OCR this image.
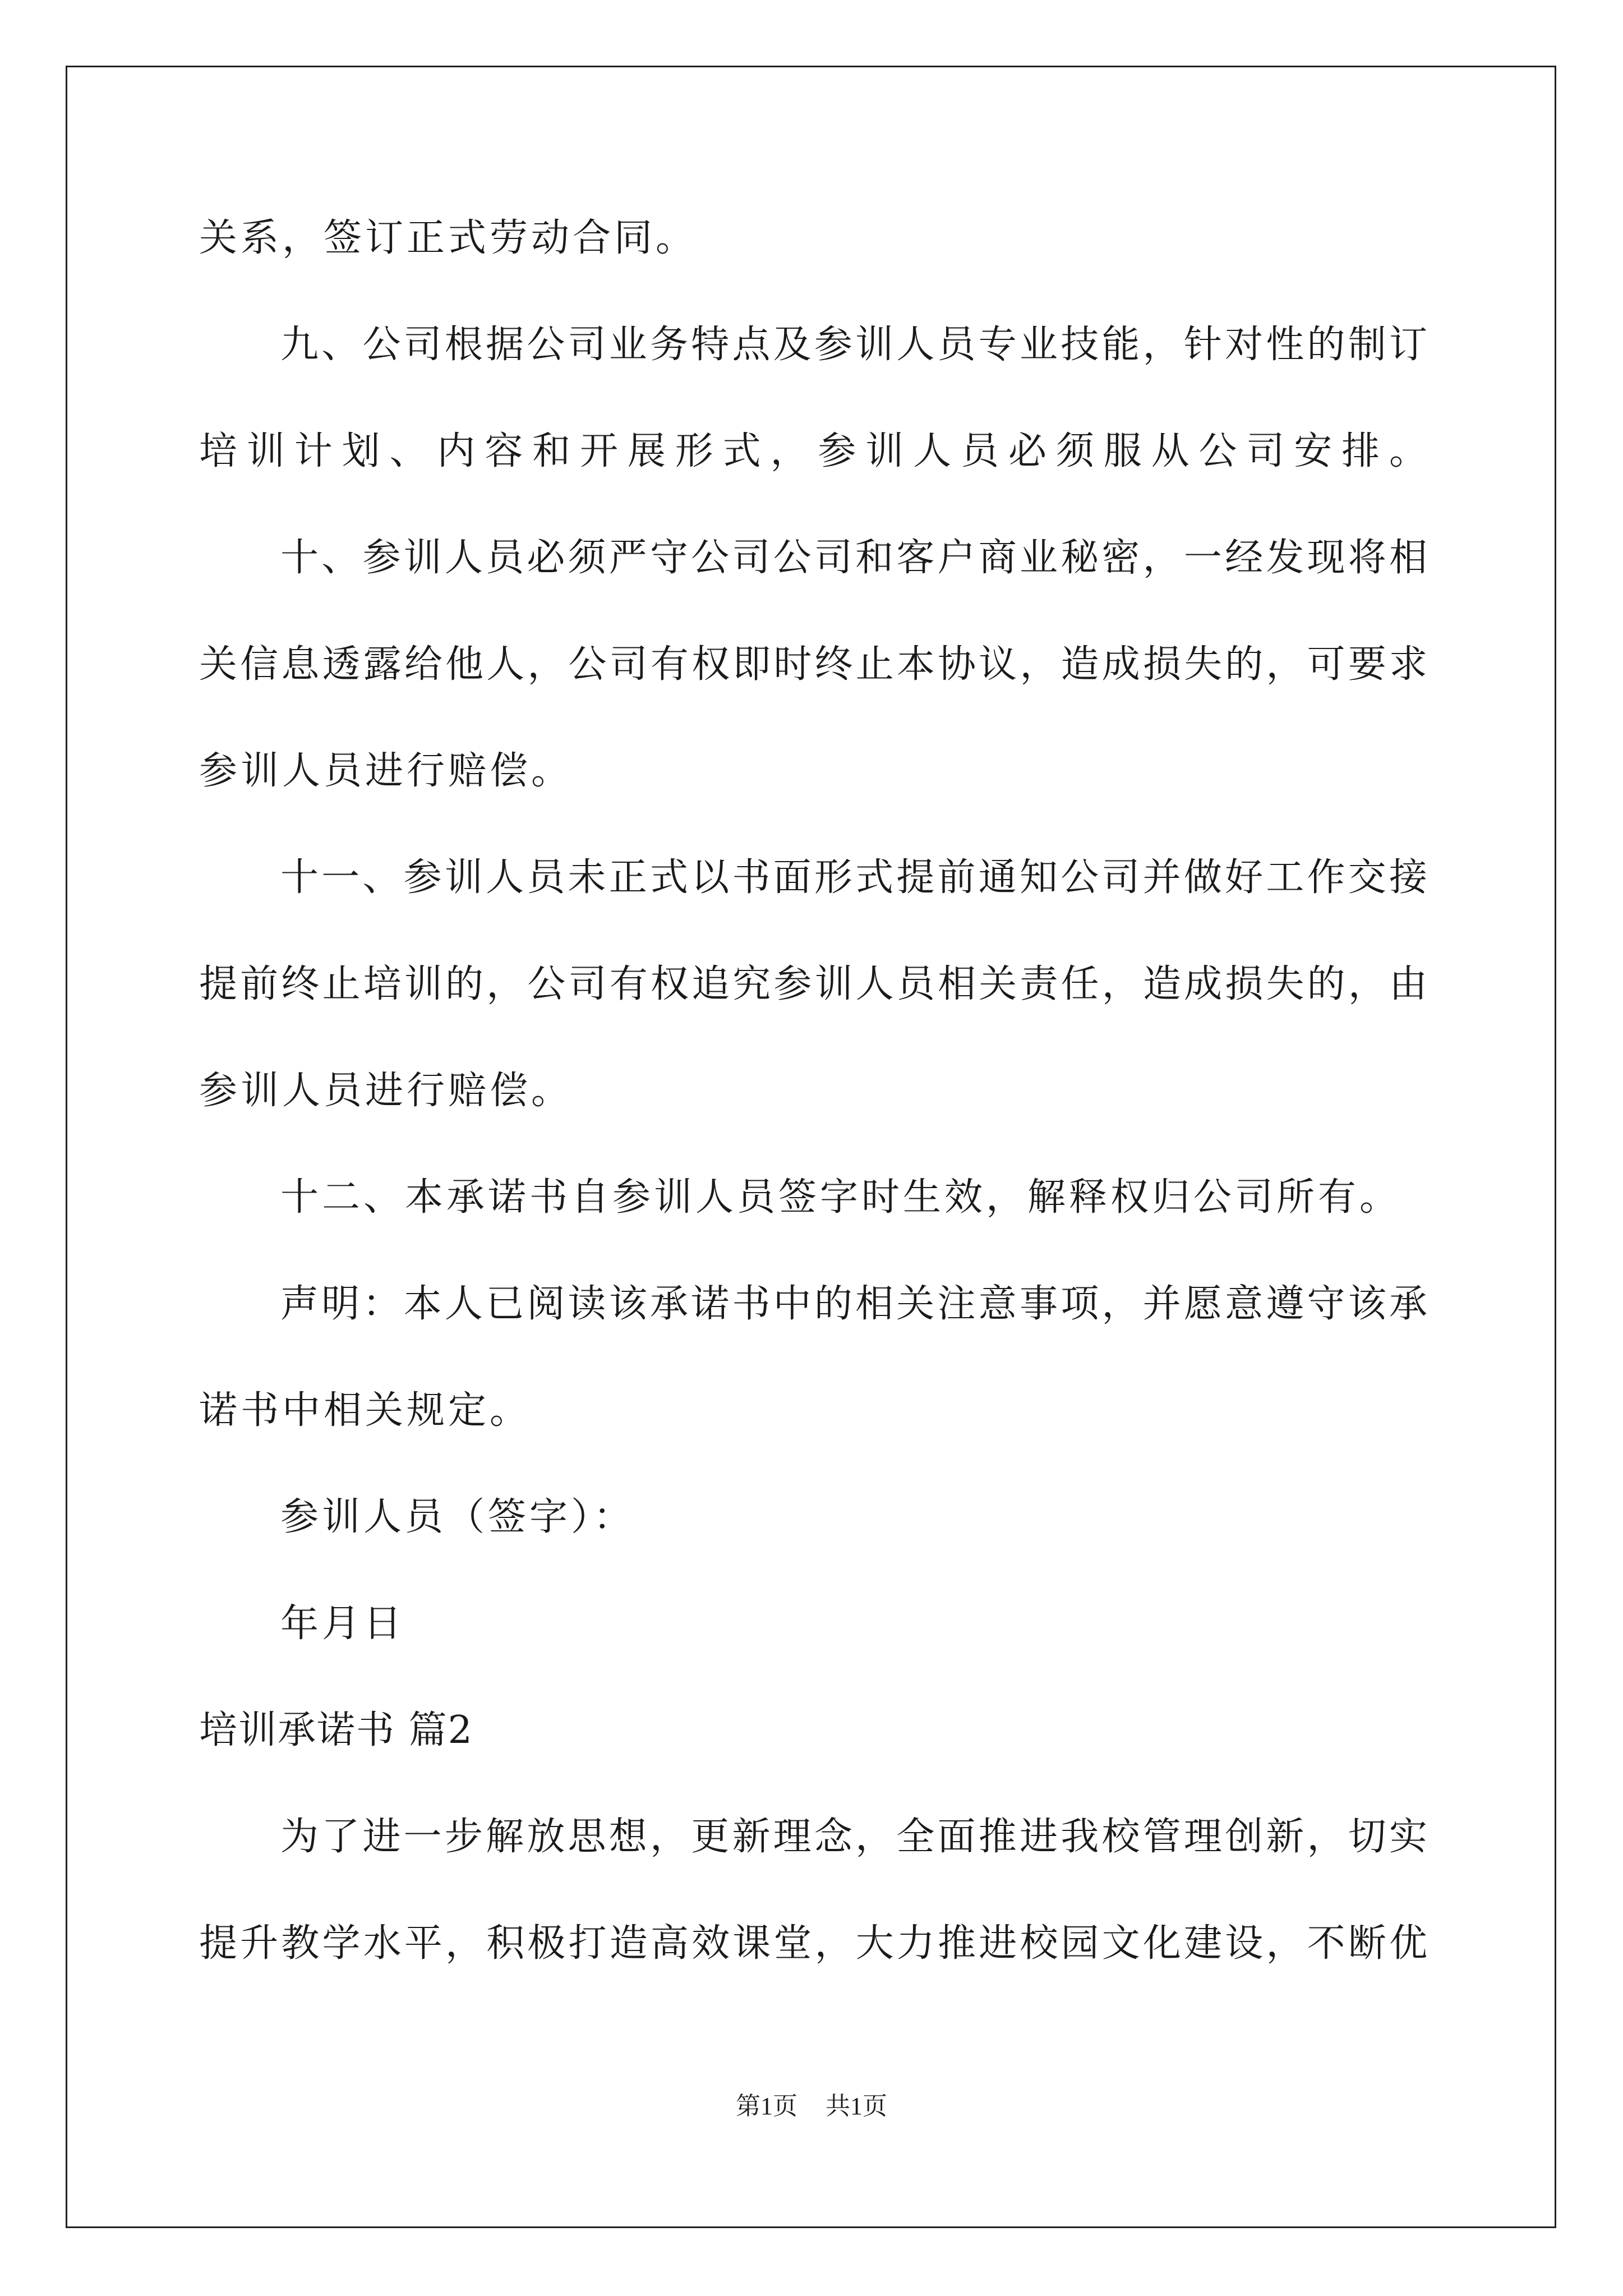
关系，签订正式劳动合同。
九、公司根据公司业务特点及参训人员专业技能，针对性的制订
培训计划、内容和开展形式，参训人员必须服从公司安排。
十、参训人员必须严守公司公司和客户商业秘密，一经发现将相
关信息透露给他人，公司有权即时终止本协议，造成损失的，可要求
参训人员进行赔偿。
十一、参训人员未正式以书面形式提前通知公司并做好工作交接
提前终止培训的，公司有权追究参训人员相关责任，造成损失的，由
参训人员进行赔偿。
十二、本承诺书自参训人员签字时生效，解释权归公司所有。
声明：本人已阅读该承诺书中的相关注意事项，并愿意遵守该承
诺书中相关规定。
参训人员（签字）：
年月日
培训承诺书 篇2
为了进一步解放思想，更新理念，全面推进我校管理创新，切实
提升教学水平，积极打造高效课堂，大力推进校园文化建设，不断优
第1页 共1页
